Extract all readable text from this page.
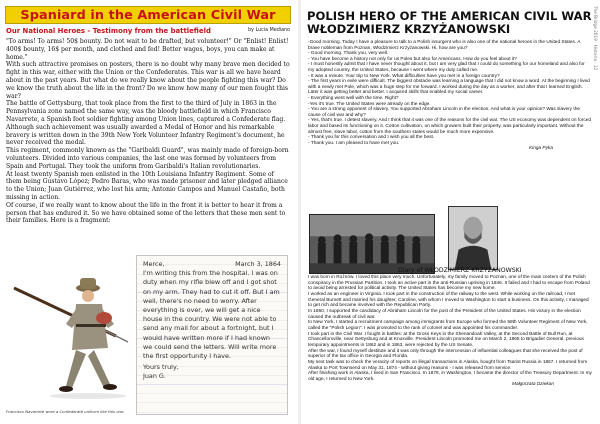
Spaniard in the American Civil War
Our National Heroes - Testimony from the battlefield	by Lucia Mediano

"To arms! To arms! 50$ bounty. Do not wait to be drafted, but volunteer!" Or "Enlist! Enlist! 400$ bounty, 16$ per month, and clothed and fed! Better wages, boys, you can make at home."

With such attractive promises on posters, there is no doubt why many brave men decided to fight in this war, either with the Union or the Confederates. This war is all we have heard about in the past years. But what do we really know about the people fighting this war? Do we know the truth about the life in the front? Do we know how many of our men fought this war?

The battle of Gettysburg, that took place from the first to the third of July in 1863 in the Pennsylvania zone named the same way, was the bloody battlefield in which Francisco Navarrete, a Spanish foot soldier fighting among Union lines, captured a Confederate flag. Although such achievement was usually awarded a Medal of Honor and his remarkable bravery is written down in the 39th New York Volunteer Infantry Regiment's document, he never received the medal.

This regiment, commonly known as the "Garibaldi Guard", was mainly made of foreign-born volunteers. Divided into various companies, the last one was formed by volunteers from Spain and Portugal. They took the uniform from Garibaldi's Italian revolutionaries.

At least twenty Spanish men enlisted in the 10th Louisiana Infantry Regiment. Some of them being Gustavo López; Pedro Baras, who was made prisoner and later pledged alliance to the Union; Juan Gutiérrez, who lost his arm; Antonio Campos and Manuel Castaño, both missing in action.

Of course, if we really want to know about the life in the front it is better to hear it from a person that has endured it. So we have obtained some of the letters that these men sent to their families. Here is a fragment:

Francisco Navarrete wore a Confederate uniform like this one.
Merce,	March 3, 1864
I'm writing this from the hospital. I was on duty when my rifle blew off and I got shot on my arm. They had to cut it off. But I am well, there's no need to worry. After everything is over, we will get a nice house in the country. We were not able to send any mail for about a fortnight, but I would have written more if I had known we could send the letters. Will write more the first opportunity I have.
Yours truly,
Juan G.
POLISH HERO OF THE AMERICAN CIVIL WAR
WŁODZIMIERZ KRZYŻANOWSKI	The Bridge 2019 · Historia · 12

-Good morning. Today I have a pleasure to talk to a Polish insurgent who is also one of the national heroes in the United States. A brave nobleman from Poznan, Włodzimierz Krzyżanowski. Hi, how are you?

- Good morning. Thank you, very well.

- You have become a history not only for us Poles but also for Americans. How do you feel about it?

- I must honestly admit that I have never thought about it, but I am very glad that I could do something for our homeland and also for my adopted country, the United States, because I went where my duty called me.

- It was a minute. Your trip to New York. What difficulties have you met in a foreign country?

- The first years in exile were difficult. The biggest obstacle was learning a language that I did not know a word. At the beginning I lived with a newly met Pole, which was a huge step for me forward. I worked during the day as a worker, and after that I learned English. Later it was getting better and better. I acquired skills that enabled my social career.

- Everything went well with the time. Right?

-Yes it's true. The United States were already on the edge.

- You are a strong opponent of slavery. You supported Abraham Lincoln in the election. And what is your opinion? Was slavery the cause of civil war and why?

- Yes, that's true. I detest slavery. And I think that it was one of the reasons for the civil war. The US economy was dependent on forced labor and based its functioning on it. Cotton cultivation, on which growers built their property, was particularly important. Without the almost free, slave labor, cotton from the southern states would be much more expensive.

- Thank you for this conversation and I wish you all the best.

- Thank you. I am pleased to have met you.

Kinga Pyka

Diary of WŁODZIMIERZ KRZYŻANOWSKI

I was born in Rożnów. I loved this place very much. Unfortunately, my family moved to Poznan, one of the main centers of the Polish conspiracy in the Prussian Partition. I took an active part in the anti-Russian uprising in 1846. It failed and I had to escape from Poland to avoid being arrested for political activity. The United States has become my new home.

I worked as an engineer in Virginia. I took part in the construction of the railway to the west. While working on the railroad, I met General Burnett and married his daughter, Caroline, with whom I moved to Washington to start a business. On this activity, I managed to get rich and became involved with the Republican Party.

In 1860, I supported the candidacy of Abraham Lincoln for the post of the President of the United States. His victory in the election caused the outbreak of civil war.

In New York, I started a recruitment campaign among immigrants from Europe who formed the 58th Volunteer Regiment of New York, called the "Polish Legion". I was promoted to the rank of colonel and was appointed his commander.

I took part in the Civil War. I fought in battles: at the Gross Keys in the Shenandoah Valley, at the Second Battle of Bull Run, at Chancellorsville, near Gettysburg and at Knoxville. President Lincoln promoted me on March 2, 1865 to Brigadier General, previous temporary appointments in 1862 and in 1863, were rejected by the US Senate.

After the war, I found myself destitute and it was only through the intercession of influential colleagues that she received the post of superior of the tax office in Georgia and Florida.

My next task was to check the veracity of reports on illegal transactions in Alaska, bought from Tsarist Russia in 1867. I returned from Alaska to Port Townsend on May 31, 1874 - without giving reasons - I was released from service.

After finishing work in Alaska, I lived in San Francisco. In 1878, in Washington, I became the director of the Treasury Department. In my old age, I returned to New York.

Małgorzata Dziekan
